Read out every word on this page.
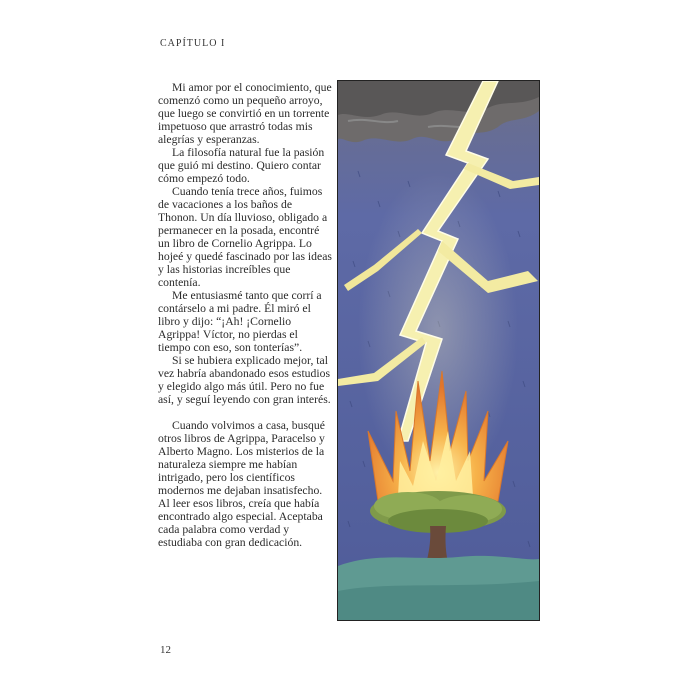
CAPÍTULO I

Mi amor por el conocimiento, que comenzó como un pequeño arroyo, que luego se convirtió en un torrente impetuoso que arrastró todas mis alegrías y esperanzas.

La filosofía natural fue la pasión que guió mi destino. Quiero contar cómo empezó todo.

Cuando tenía trece años, fuimos de vacaciones a los baños de Thonon. Un día lluvioso, obligado a permanecer en la posada, encontré un libro de Cornelio Agrippa. Lo hojeé y quedé fascinado por las ideas y las historias increíbles que contenía.

Me entusiasmé tanto que corrí a contárselo a mi padre. Él miró el libro y dijo: “¡Ah! ¡Cornelio Agrippa! Víctor, no pierdas el tiempo con eso, son tonterías”.

Si se hubiera explicado mejor, tal vez habría abandonado esos estudios y elegido algo más útil. Pero no fue así, y seguí leyendo con gran interés.

Cuando volvimos a casa, busqué otros libros de Agrippa, Paracelso y Alberto Magno. Los misterios de la naturaleza siempre me habían intrigado, pero los científicos modernos me dejaban insatisfecho. Al leer esos libros, creía que había encontrado algo especial. Aceptaba cada palabra como verdad y estudiaba con gran dedicación.

12
